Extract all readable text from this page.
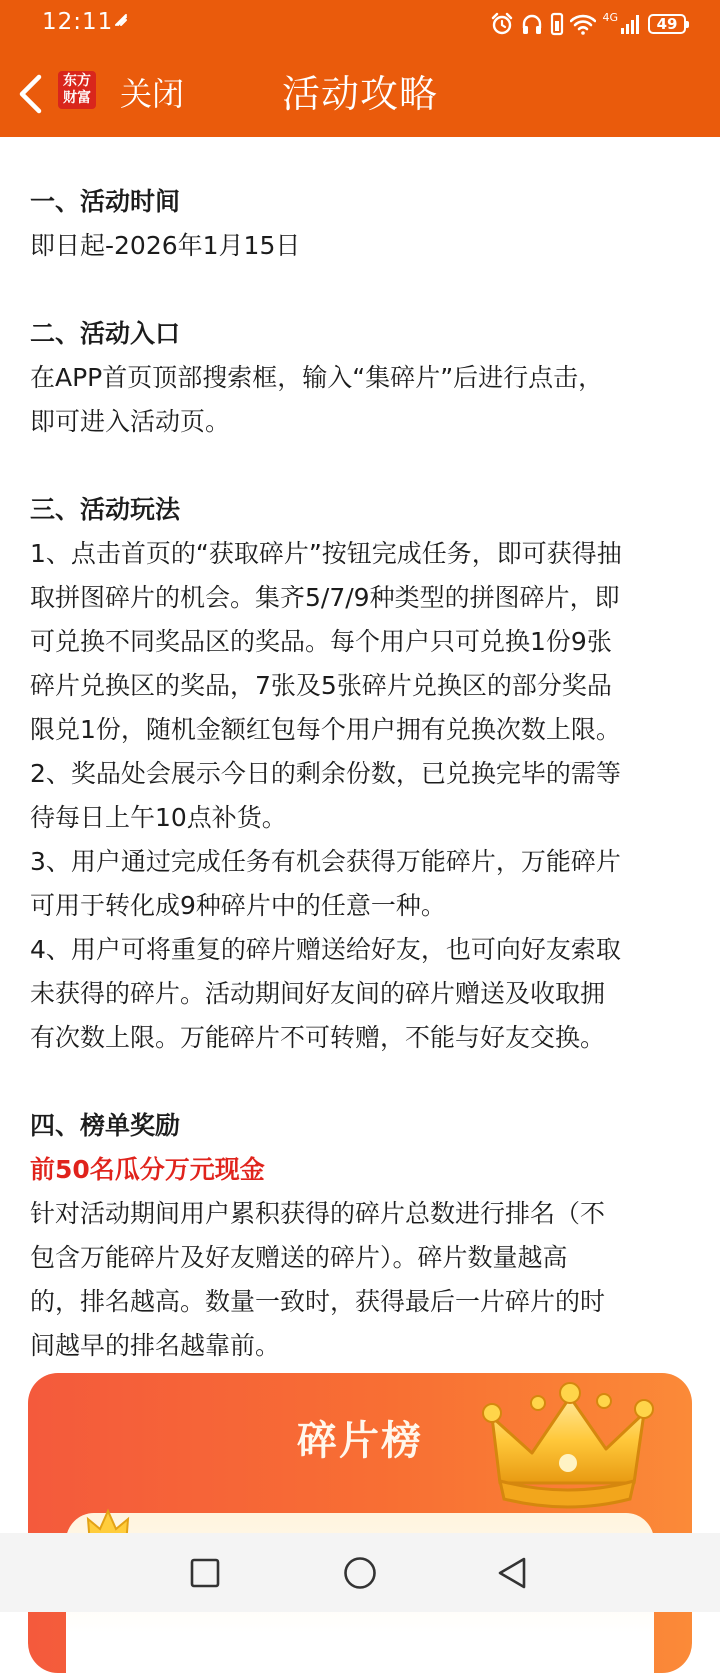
12:11	4G	49
东方
财富 关闭	活动攻略
一、活动时间
即日起-2026年1月15日
二、活动入口
在APP首页顶部搜索框，输入“集碎片”后进行点击，
即可进入活动页。
三、活动玩法
1、点击首页的“获取碎片”按钮完成任务，即可获得抽
取拼图碎片的机会。集齐5/7/9种类型的拼图碎片，即
可兑换不同奖品区的奖品。每个用户只可兑换1份9张
碎片兑换区的奖品，7张及5张碎片兑换区的部分奖品
限兑1份，随机金额红包每个用户拥有兑换次数上限。
2、奖品处会展示今日的剩余份数，已兑换完毕的需等
待每日上午10点补货。
3、用户通过完成任务有机会获得万能碎片，万能碎片
可用于转化成9种碎片中的任意一种。
4、用户可将重复的碎片赠送给好友，也可向好友索取
未获得的碎片。活动期间好友间的碎片赠送及收取拥
有次数上限。万能碎片不可转赠，不能与好友交换。
四、榜单奖励
前50名瓜分万元现金
针对活动期间用户累积获得的碎片总数进行排名（不
包含万能碎片及好友赠送的碎片）。碎片数量越高
的，排名越高。数量一致时，获得最后一片碎片的时
间越早的排名越靠前。
碎片榜
